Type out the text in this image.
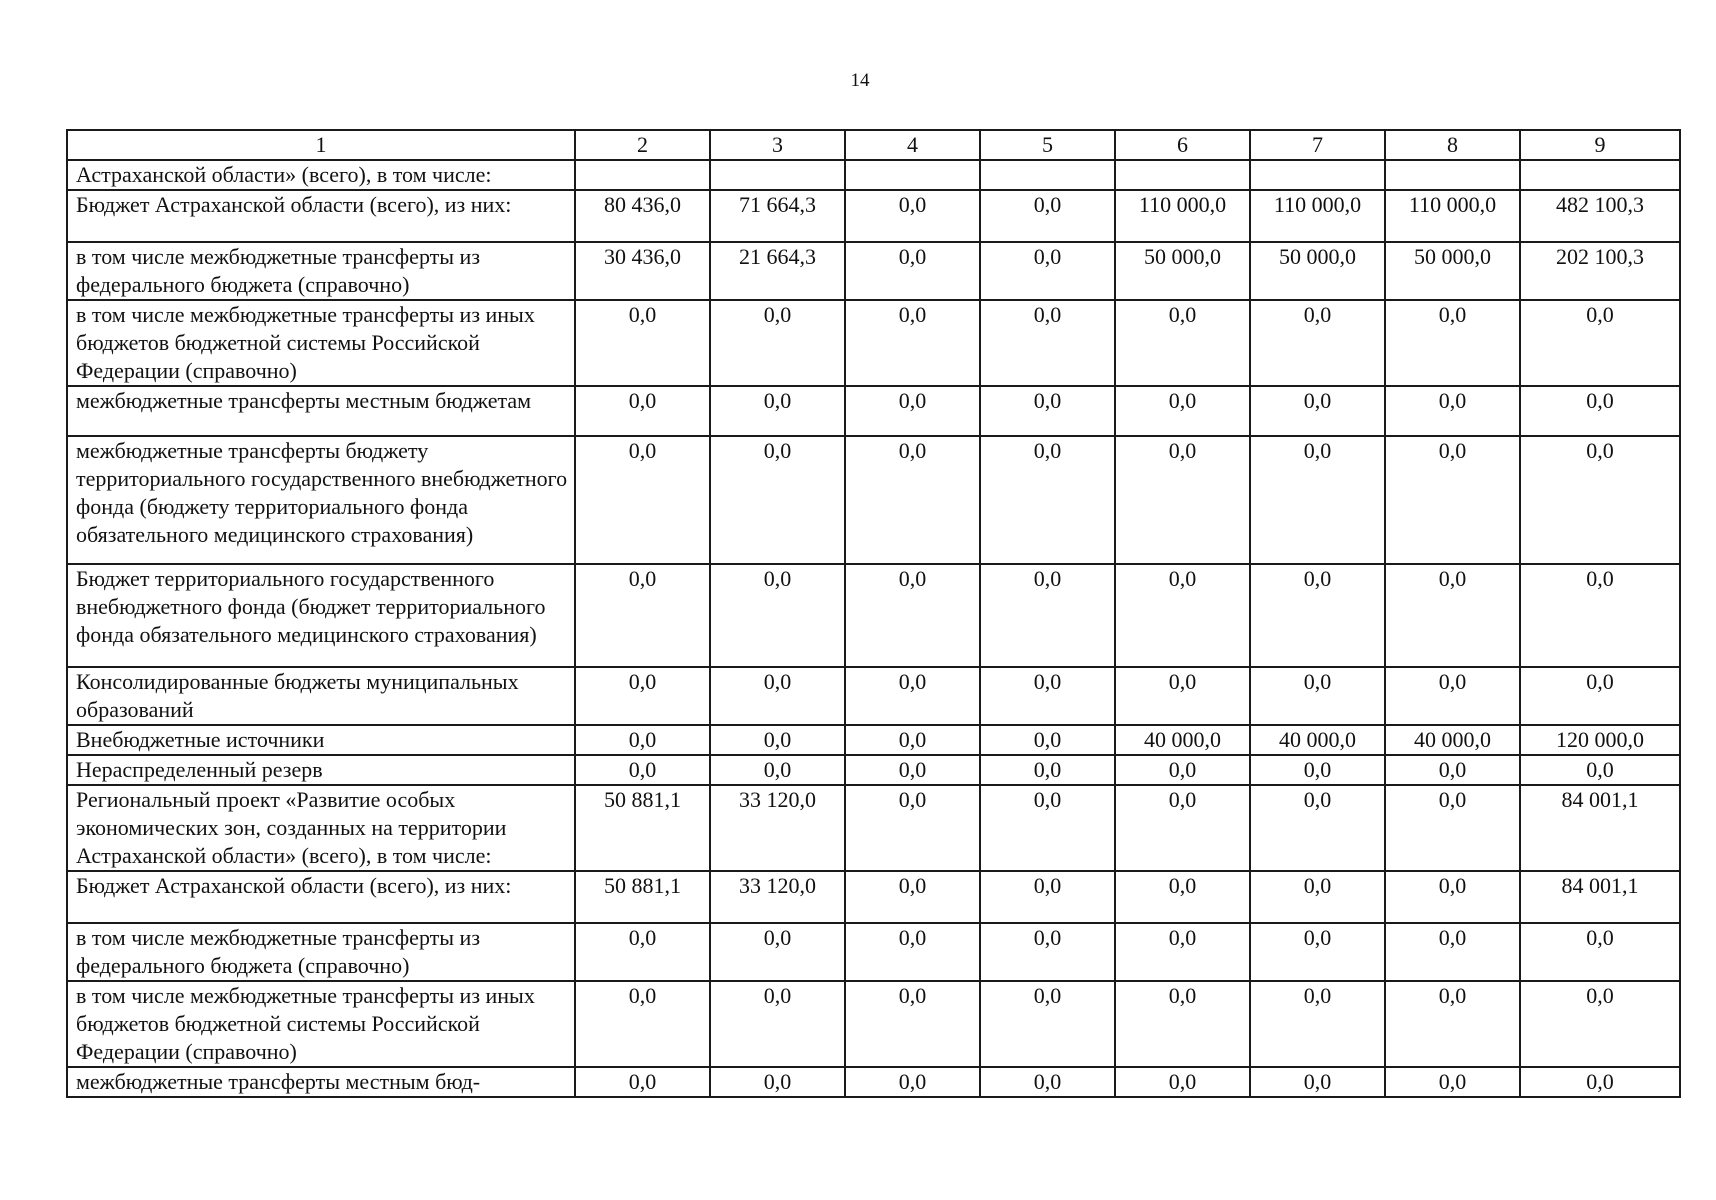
14
1	2	3	4	5	6	7	8	9
Астраханской области» (всего), в том числе:								
Бюджет Астраханской области (всего), из них:	80 436,0	71 664,3	0,0	0,0	110 000,0	110 000,0	110 000,0	482 100,3
в том числе межбюджетные трансферты из федерального бюджета (справочно)	30 436,0	21 664,3	0,0	0,0	50 000,0	50 000,0	50 000,0	202 100,3
в том числе межбюджетные трансферты из иных бюджетов бюджетной системы Российской Федерации (справочно)	0,0	0,0	0,0	0,0	0,0	0,0	0,0	0,0
межбюджетные трансферты местным бюджетам	0,0	0,0	0,0	0,0	0,0	0,0	0,0	0,0
межбюджетные трансферты бюджету территориального государственного внебюджетного фонда (бюджету территориального фонда обязательного медицинского страхования)	0,0	0,0	0,0	0,0	0,0	0,0	0,0	0,0
Бюджет территориального государственного внебюджетного фонда (бюджет территориального фонда обязательного медицинского страхования)	0,0	0,0	0,0	0,0	0,0	0,0	0,0	0,0
Консолидированные бюджеты муниципальных образований	0,0	0,0	0,0	0,0	0,0	0,0	0,0	0,0
Внебюджетные источники	0,0	0,0	0,0	0,0	40 000,0	40 000,0	40 000,0	120 000,0
Нераспределенный резерв	0,0	0,0	0,0	0,0	0,0	0,0	0,0	0,0
Региональный проект «Развитие особых экономических зон, созданных на территории Астраханской области» (всего), в том числе:	50 881,1	33 120,0	0,0	0,0	0,0	0,0	0,0	84 001,1
Бюджет Астраханской области (всего), из них:	50 881,1	33 120,0	0,0	0,0	0,0	0,0	0,0	84 001,1
в том числе межбюджетные трансферты из федерального бюджета (справочно)	0,0	0,0	0,0	0,0	0,0	0,0	0,0	0,0
в том числе межбюджетные трансферты из иных бюджетов бюджетной системы Российской Федерации (справочно)	0,0	0,0	0,0	0,0	0,0	0,0	0,0	0,0
межбюджетные трансферты местным бюд-	0,0	0,0	0,0	0,0	0,0	0,0	0,0	0,0
